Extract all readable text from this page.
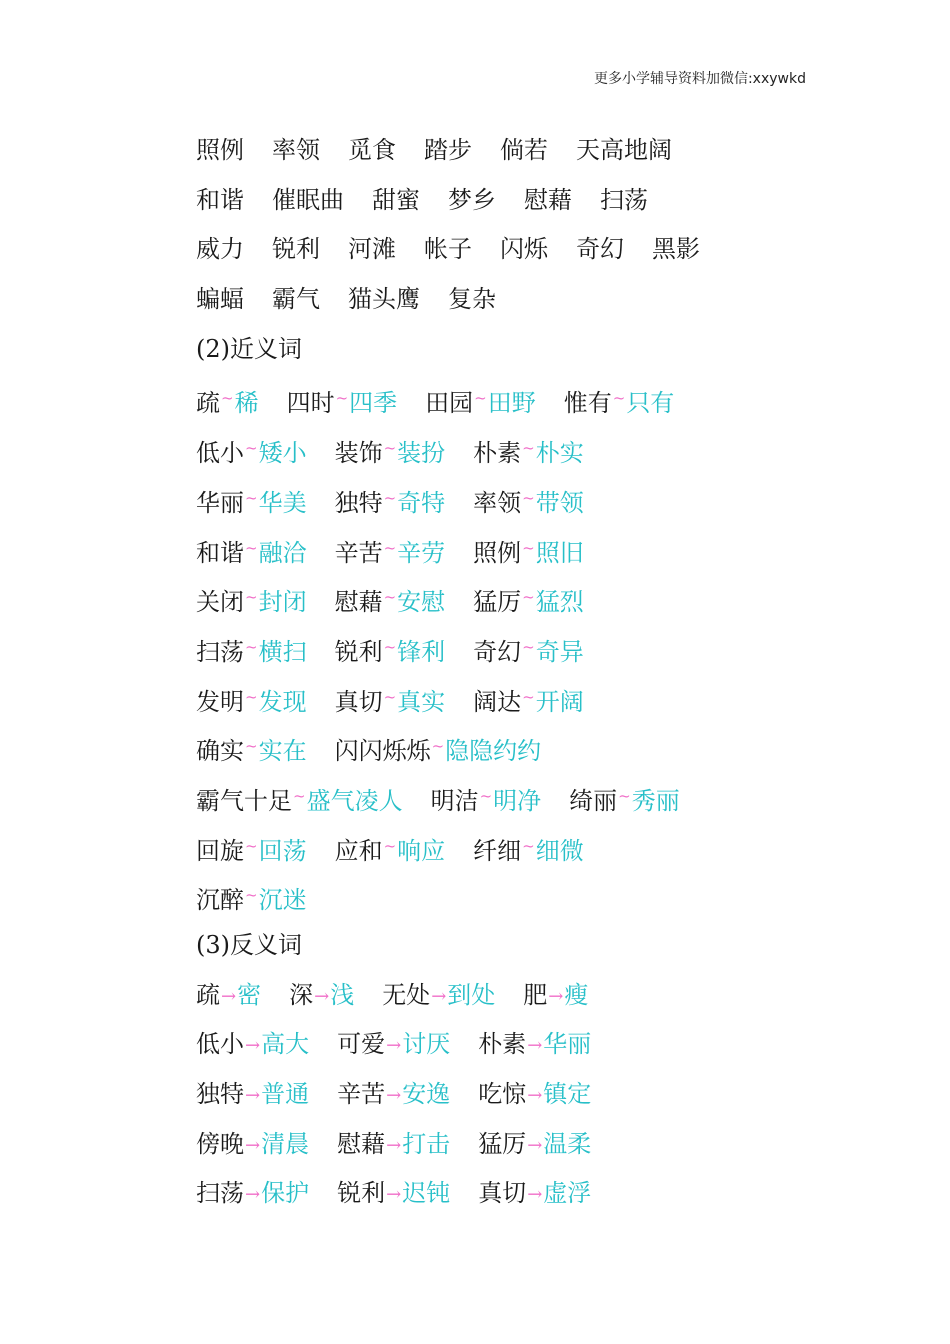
更多小学辅导资料加微信:xxywkd
照例 率领 觅食 踏步 倘若 天高地阔
和谐 催眠曲 甜蜜 梦乡 慰藉 扫荡
威力 锐利 河滩 帐子 闪烁 奇幻 黑影
蝙蝠 霸气 猫头鹰 复杂
(2)近义词
疏~稀 四时~四季 田园~田野 惟有~只有
低小~矮小 装饰~装扮 朴素~朴实
华丽~华美 独特~奇特 率领~带领
和谐~融洽 辛苦~辛劳 照例~照旧
关闭~封闭 慰藉~安慰 猛厉~猛烈
扫荡~横扫 锐利~锋利 奇幻~奇异
发明~发现 真切~真实 阔达~开阔
确实~实在 闪闪烁烁~隐隐约约
霸气十足~盛气凌人 明洁~明净 绮丽~秀丽
回旋~回荡 应和~响应 纤细~细微
沉醉~沉迷
(3)反义词
疏→密 深→浅 无处→到处 肥→瘦
低小→高大 可爱→讨厌 朴素→华丽
独特→普通 辛苦→安逸 吃惊→镇定
傍晚→清晨 慰藉→打击 猛厉→温柔
扫荡→保护 锐利→迟钝 真切→虚浮
